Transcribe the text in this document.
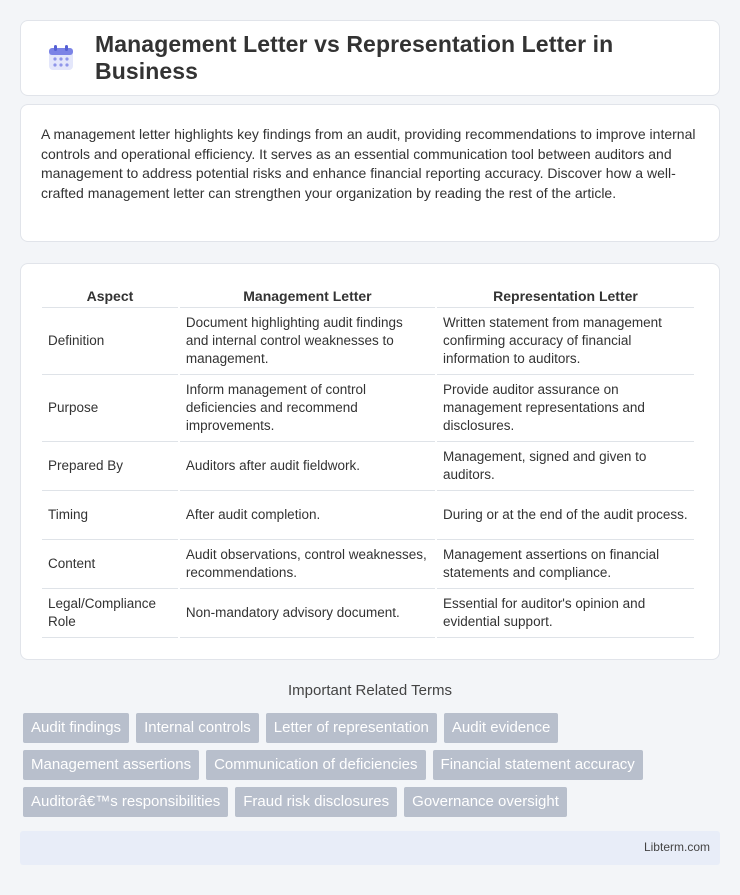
Management Letter vs Representation Letter in Business

A management letter highlights key findings from an audit, providing recommendations to improve internal controls and operational efficiency. It serves as an essential communication tool between auditors and management to address potential risks and enhance financial reporting accuracy. Discover how a well-crafted management letter can strengthen your organization by reading the rest of the article.

Aspect	Management Letter	Representation Letter
Definition	Document highlighting audit findings and internal control weaknesses to management.	Written statement from management confirming accuracy of financial information to auditors.
Purpose	Inform management of control deficiencies and recommend improvements.	Provide auditor assurance on management representations and disclosures.
Prepared By	Auditors after audit fieldwork.	Management, signed and given to auditors.
Timing	After audit completion.	During or at the end of the audit process.
Content	Audit observations, control weaknesses, recommendations.	Management assertions on financial statements and compliance.
Legal/Compliance Role	Non-mandatory advisory document.	Essential for auditor's opinion and evidential support.
Important Related Terms
Audit findings	Internal controls	Letter of representation	Audit evidence
Management assertions	Communication of deficiencies	Financial statement accuracy
Auditorâ€™s responsibilities	Fraud risk disclosures	Governance oversight
Libterm.com
